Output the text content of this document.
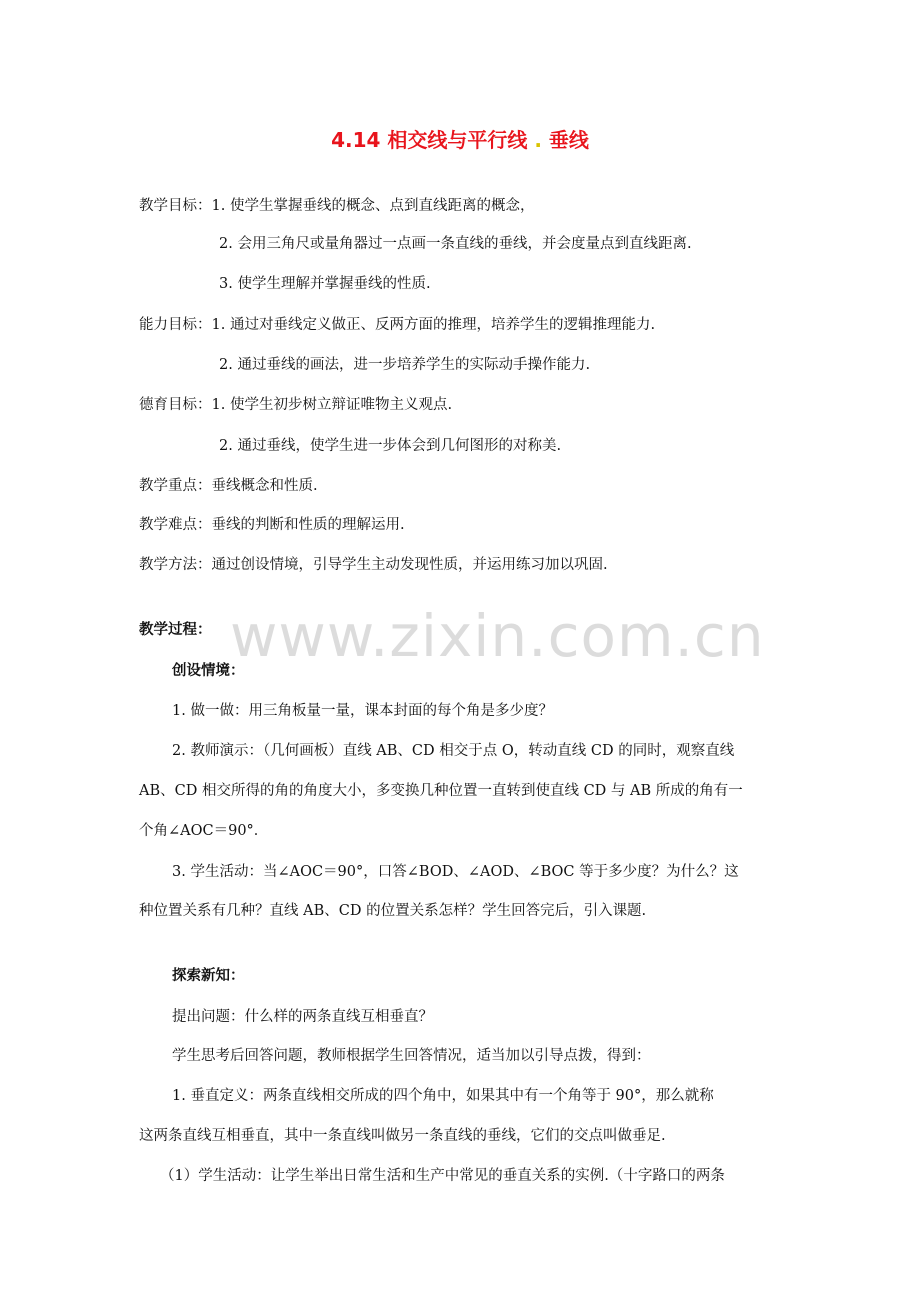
4.14 相交线与平行线 . 垂线
www.zixin.com.cn
教学目标：1. 使学生掌握垂线的概念、点到直线距离的概念，
2. 会用三角尺或量角器过一点画一条直线的垂线，并会度量点到直线距离.
3. 使学生理解并掌握垂线的性质.
能力目标：1. 通过对垂线定义做正、反两方面的推理，培养学生的逻辑推理能力.
2. 通过垂线的画法，进一步培养学生的实际动手操作能力.
德育目标：1. 使学生初步树立辩证唯物主义观点.
2. 通过垂线，使学生进一步体会到几何图形的对称美.
教学重点：垂线概念和性质.
教学难点：垂线的判断和性质的理解运用.
教学方法：通过创设情境，引导学生主动发现性质，并运用练习加以巩固.
教学过程：
创设情境：
1. 做一做：用三角板量一量，课本封面的每个角是多少度？
2. 教师演示：（几何画板）直线 AB、CD 相交于点 O，转动直线 CD 的同时，观察直线
AB、CD 相交所得的角的角度大小，多变换几种位置一直转到使直线 CD 与 AB 所成的角有一
个角∠AOC＝90°．
3. 学生活动：当∠AOC＝90°，口答∠BOD、∠AOD、∠BOC 等于多少度？为什么？这
种位置关系有几种？直线 AB、CD 的位置关系怎样？学生回答完后，引入课题.
探索新知：
提出问题：什么样的两条直线互相垂直？
学生思考后回答问题，教师根据学生回答情况，适当加以引导点拨，得到：
1. 垂直定义：两条直线相交所成的四个角中，如果其中有一个角等于 90°，那么就称
这两条直线互相垂直，其中一条直线叫做另一条直线的垂线，它们的交点叫做垂足.
（1）学生活动：让学生举出日常生活和生产中常见的垂直关系的实例.（十字路口的两条
